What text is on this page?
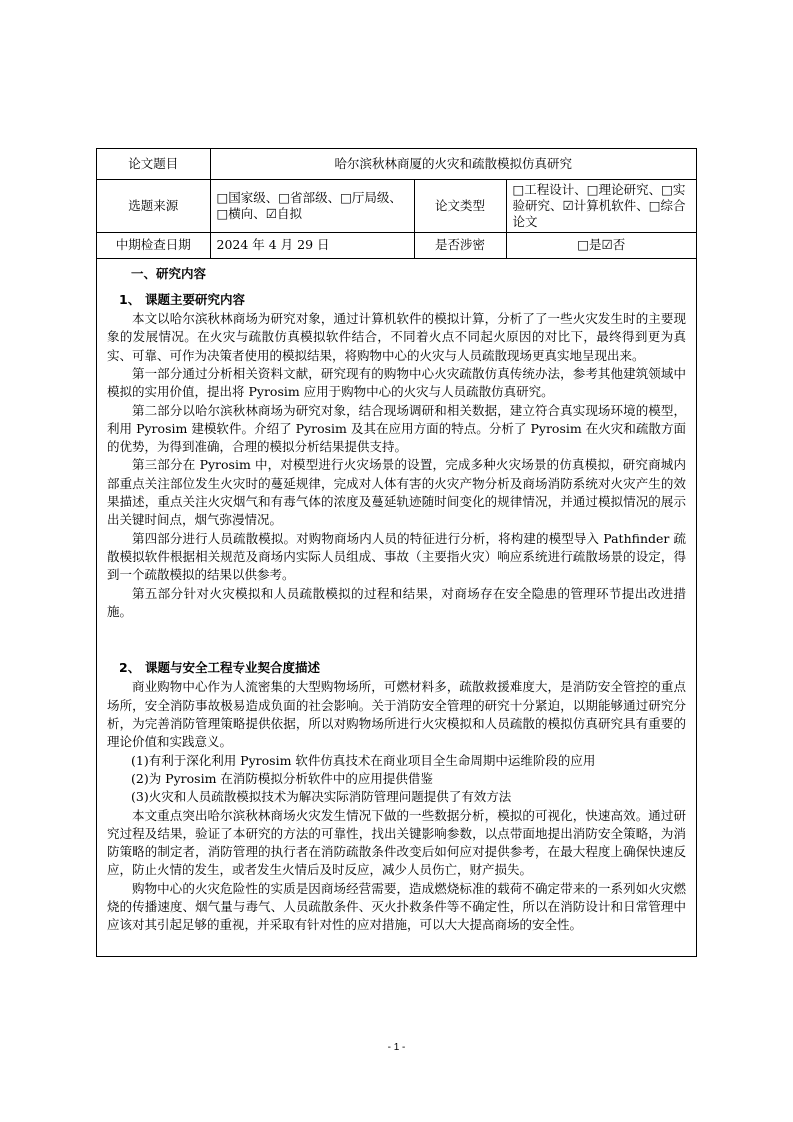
论文题目	哈尔滨秋林商厦的火灾和疏散模拟仿真研究		
选题来源	□国家级、□省部级、□厅局级、□横向、☑自拟	论文类型	□工程设计、□理论研究、□实验研究、☑计算机软件、□综合论文
中期检查日期	2024 年 4 月 29 日	是否涉密	□是☑否
一、研究内容
1、 课题主要研究内容

本文以哈尔滨秋林商场为研究对象，通过计算机软件的模拟计算，分析了了一些火灾发生时的主要现象的发展情况。在火灾与疏散仿真模拟软件结合，不同着火点不同起火原因的对比下，最终得到更为真实、可靠、可作为决策者使用的模拟结果，将购物中心的火灾与人员疏散现场更真实地呈现出来。

第一部分通过分析相关资料文献，研究现有的购物中心火灾疏散仿真传统办法，参考其他建筑领域中模拟的实用价值，提出将 Pyrosim 应用于购物中心的火灾与人员疏散仿真研究。

第二部分以哈尔滨秋林商场为研究对象，结合现场调研和相关数据，建立符合真实现场环境的模型，利用 Pyrosim 建模软件。介绍了 Pyrosim 及其在应用方面的特点。分析了 Pyrosim 在火灾和疏散方面的优势，为得到准确，合理的模拟分析结果提供支持。

第三部分在 Pyrosim 中，对模型进行火灾场景的设置，完成多种火灾场景的仿真模拟，研究商城内部重点关注部位发生火灾时的蔓延规律，完成对人体有害的火灾产物分析及商场消防系统对火灾产生的效果描述，重点关注火灾烟气和有毒气体的浓度及蔓延轨迹随时间变化的规律情况，并通过模拟情况的展示出关键时间点，烟气弥漫情况。

第四部分进行人员疏散模拟。对购物商场内人员的特征进行分析，将构建的模型导入 Pathfinder 疏散模拟软件根据相关规范及商场内实际人员组成、事故（主要指火灾）响应系统进行疏散场景的设定，得到一个疏散模拟的结果以供参考。

第五部分针对火灾模拟和人员疏散模拟的过程和结果，对商场存在安全隐患的管理环节提出改进措施。

2、 课题与安全工程专业契合度描述

商业购物中心作为人流密集的大型购物场所，可燃材料多，疏散救援难度大，是消防安全管控的重点场所，安全消防事故极易造成负面的社会影响。关于消防安全管理的研究十分紧迫，以期能够通过研究分析，为完善消防管理策略提供依据，所以对购物场所进行火灾模拟和人员疏散的模拟仿真研究具有重要的理论价值和实践意义。

(1)有利于深化利用 Pyrosim 软件仿真技术在商业项目全生命周期中运维阶段的应用

(2)为 Pyrosim 在消防模拟分析软件中的应用提供借鉴

(3)火灾和人员疏散模拟技术为解决实际消防管理问题提供了有效方法

本文重点突出哈尔滨秋林商场火灾发生情况下做的一些数据分析，模拟的可视化，快速高效。通过研究过程及结果，验证了本研究的方法的可靠性，找出关键影响参数，以点带面地提出消防安全策略，为消防策略的制定者，消防管理的执行者在消防疏散条件改变后如何应对提供参考，在最大程度上确保快速反应，防止火情的发生，或者发生火情后及时反应，减少人员伤亡，财产损失。

购物中心的火灾危险性的实质是因商场经营需要，造成燃烧标准的载荷不确定带来的一系列如火灾燃烧的传播速度、烟气量与毒气、人员疏散条件、灭火扑救条件等不确定性，所以在消防设计和日常管理中应该对其引起足够的重视，并采取有针对性的应对措施，可以大大提高商场的安全性。

- 1 -
